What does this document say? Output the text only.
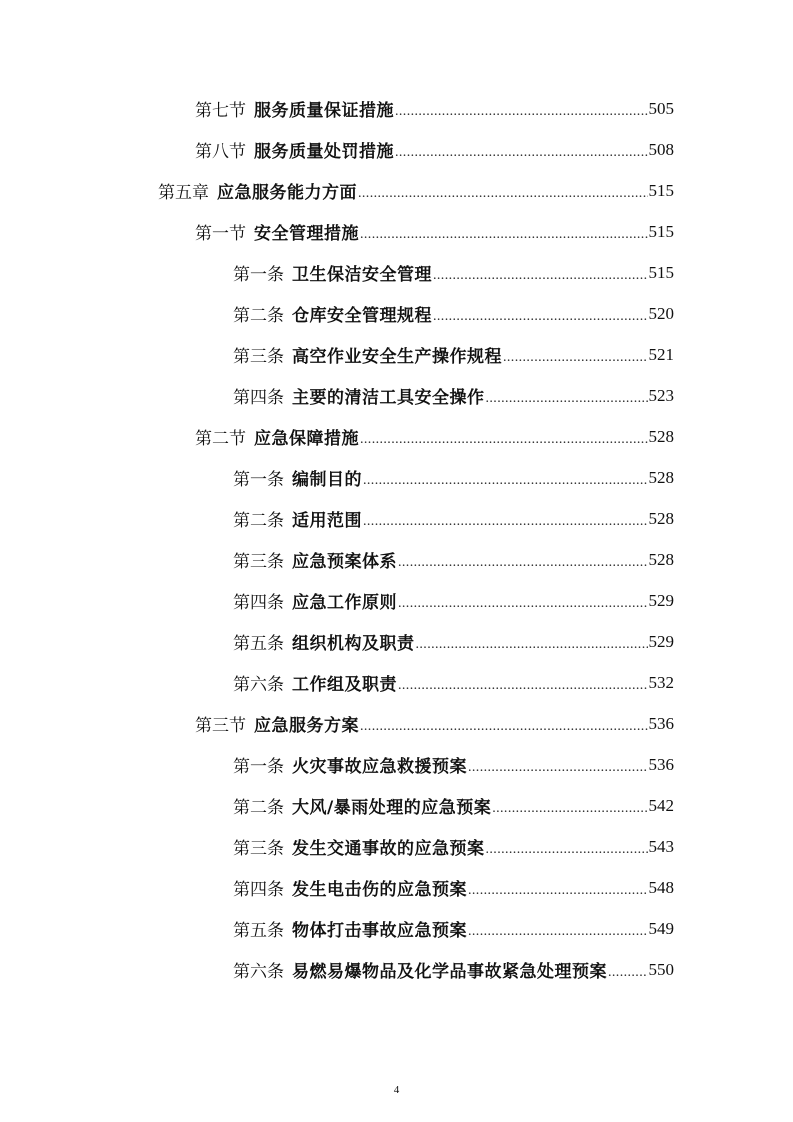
第七节 服务质量保证措施 .....	505
第八节 服务质量处罚措施 .....	508
第五章 应急服务能力方面 .....	515
第一节 安全管理措施 .....	515
第一条 卫生保洁安全管理 .....	515
第二条 仓库安全管理规程 .....	520
第三条 高空作业安全生产操作规程 .....	521
第四条 主要的清洁工具安全操作 .....	523
第二节 应急保障措施 .....	528
第一条 编制目的 .....	528
第二条 适用范围 .....	528
第三条 应急预案体系 .....	528
第四条 应急工作原则 .....	529
第五条 组织机构及职责 .....	529
第六条 工作组及职责 .....	532
第三节 应急服务方案 .....	536
第一条 火灾事故应急救援预案 .....	536
第二条 大风/暴雨处理的应急预案 .....	542
第三条 发生交通事故的应急预案 .....	543
第四条 发生电击伤的应急预案 .....	548
第五条 物体打击事故应急预案 .....	549
第六条 易燃易爆物品及化学品事故紧急处理预案 ..... 550
4
